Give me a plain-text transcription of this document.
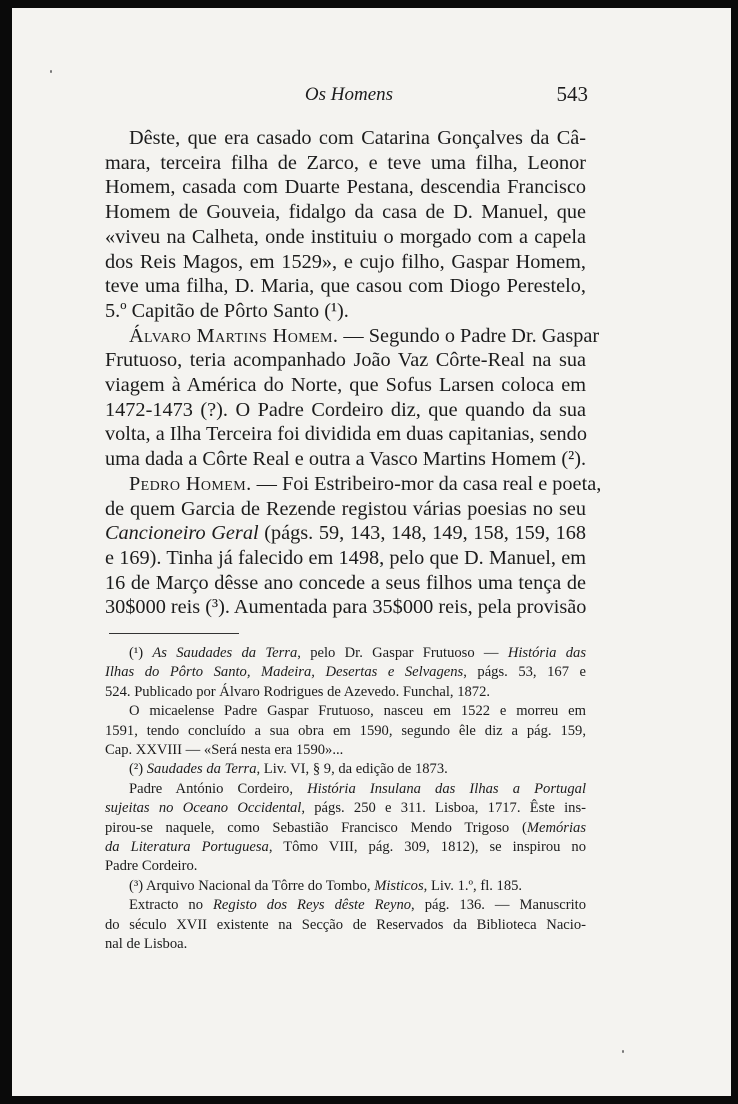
Os Homens	543
Dêste, que era casado com Catarina Gonçalves da Câ-
mara, terceira filha de Zarco, e teve uma filha, Leonor
Homem, casada com Duarte Pestana, descendia Francisco
Homem de Gouveia, fidalgo da casa de D. Manuel, que
«viveu na Calheta, onde instituiu o morgado com a capela
dos Reis Magos, em 1529», e cujo filho, Gaspar Homem,
teve uma filha, D. Maria, que casou com Diogo Perestelo,
5.º Capitão de Pôrto Santo (¹).
Álvaro Martins Homem. — Segundo o Padre Dr. Gaspar
Frutuoso, teria acompanhado João Vaz Côrte-Real na sua
viagem à América do Norte, que Sofus Larsen coloca em
1472-1473 (?). O Padre Cordeiro diz, que quando da sua
volta, a Ilha Terceira foi dividida em duas capitanias, sendo
uma dada a Côrte Real e outra a Vasco Martins Homem (²).
Pedro Homem. — Foi Estribeiro-mor da casa real e poeta,
de quem Garcia de Rezende registou várias poesias no seu
Cancioneiro Geral (págs. 59, 143, 148, 149, 158, 159, 168
e 169). Tinha já falecido em 1498, pelo que D. Manuel, em
16 de Março dêsse ano concede a seus filhos uma tença de
30$000 reis (³). Aumentada para 35$000 reis, pela provisão
(¹) As Saudades da Terra, pelo Dr. Gaspar Frutuoso — História das
Ilhas do Pôrto Santo, Madeira, Desertas e Selvagens, págs. 53, 167 e
524. Publicado por Álvaro Rodrigues de Azevedo. Funchal, 1872.
O micaelense Padre Gaspar Frutuoso, nasceu em 1522 e morreu em
1591, tendo concluído a sua obra em 1590, segundo êle diz a pág. 159,
Cap. XXVIII — «Será nesta era 1590»...
(²) Saudades da Terra, Liv. VI, § 9, da edição de 1873.
Padre António Cordeiro, História Insulana das Ilhas a Portugal
sujeitas no Oceano Occidental, págs. 250 e 311. Lisboa, 1717. Êste ins-
pirou-se naquele, como Sebastião Francisco Mendo Trigoso (Memórias
da Literatura Portuguesa, Tômo VIII, pág. 309, 1812), se inspirou no
Padre Cordeiro.
(³) Arquivo Nacional da Tôrre do Tombo, Misticos, Liv. 1.º, fl. 185.
Extracto no Registo dos Reys dêste Reyno, pág. 136. — Manuscrito
do século XVII existente na Secção de Reservados da Biblioteca Nacio-
nal de Lisboa.
